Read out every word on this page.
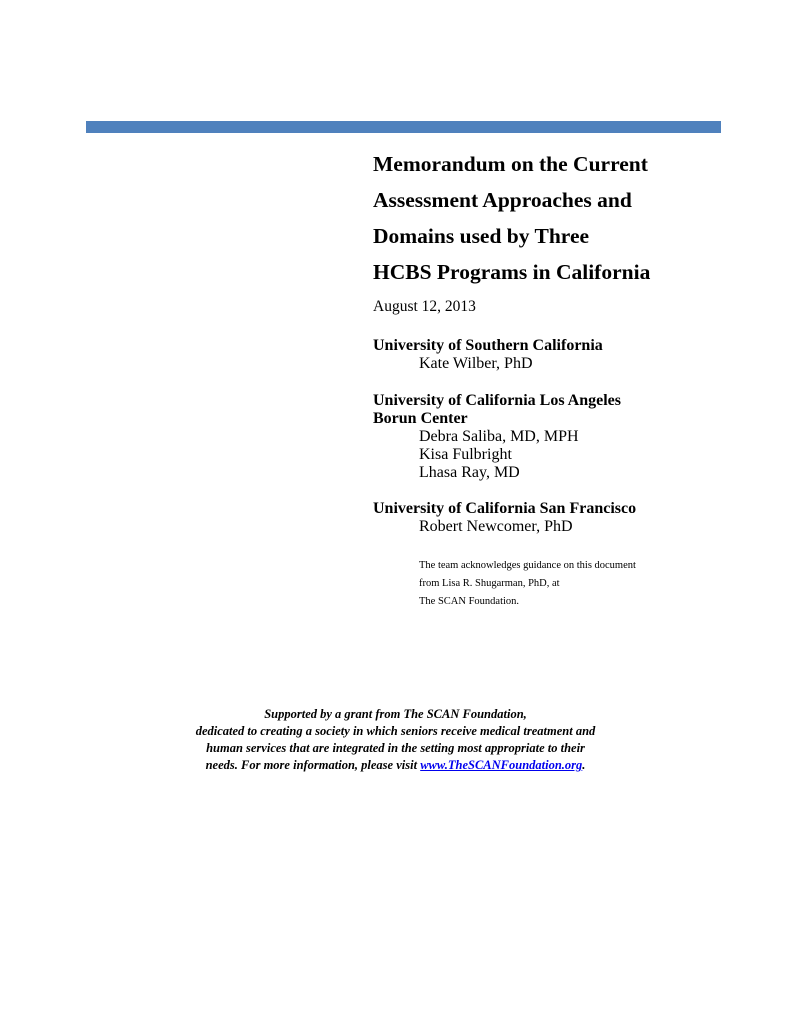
Memorandum on the Current
Assessment Approaches and
Domains used by Three
HCBS Programs in California
August 12, 2013
University of Southern California
Kate Wilber, PhD
University of California Los Angeles
Borun Center
Debra Saliba, MD, MPH
Kisa Fulbright
Lhasa Ray, MD
University of California San Francisco
Robert Newcomer, PhD
The team acknowledges guidance on this document
from Lisa R. Shugarman, PhD, at
The SCAN Foundation.
Supported by a grant from The SCAN Foundation,
dedicated to creating a society in which seniors receive medical treatment and
human services that are integrated in the setting most appropriate to their
needs. For more information, please visit www.TheSCANFoundation.org.
